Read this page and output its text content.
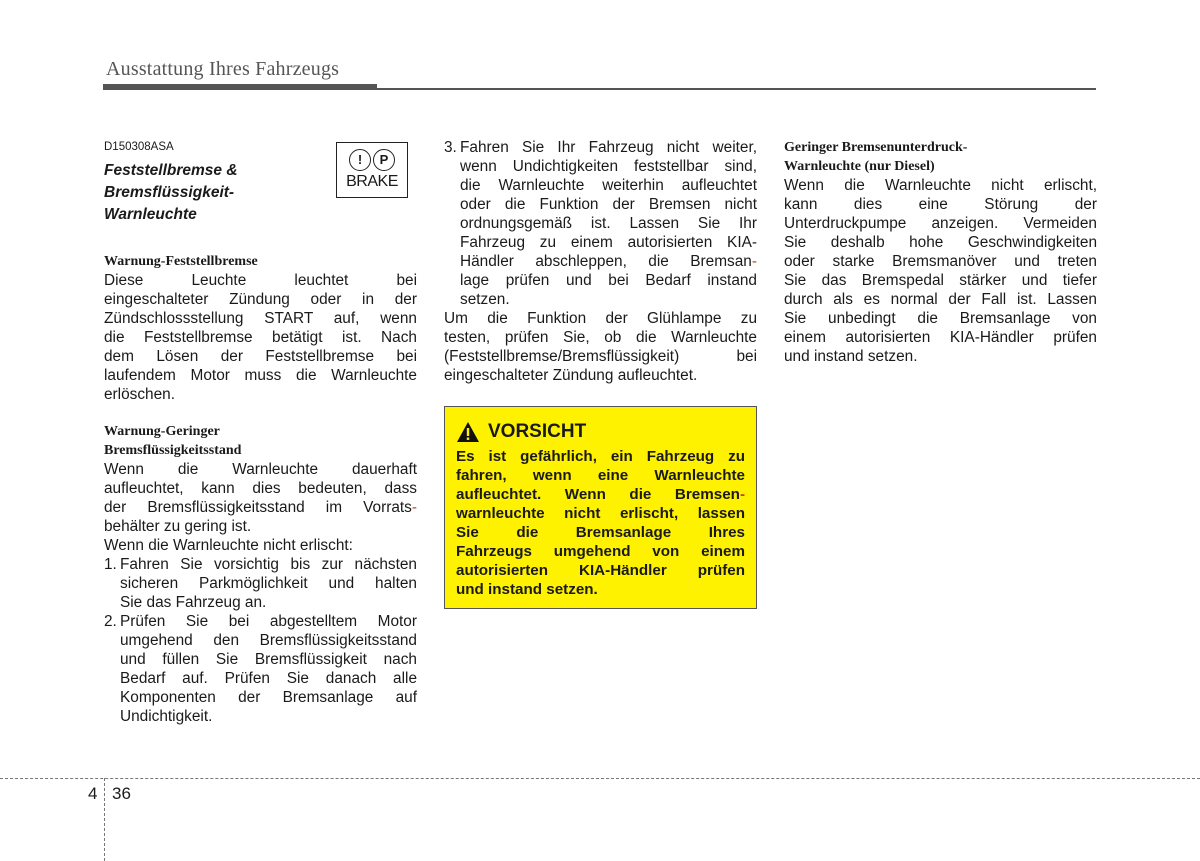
Ausstattung Ihres Fahrzeugs
D150308ASA
Feststellbremse &
Bremsflüssigkeit-
Warnleuchte
!	P
BRAKE
Warnung-Feststellbremse
Diese Leuchte leuchtet bei
eingeschalteter Zündung oder in der
Zündschlossstellung START auf, wenn
die Feststellbremse betätigt ist. Nach
dem Lösen der Feststellbremse bei
laufendem Motor muss die Warnleuchte
erlöschen.
Warnung-Geringer
Bremsflüssigkeitsstand
Wenn die Warnleuchte dauerhaft
aufleuchtet, kann dies bedeuten, dass
der Bremsflüssigkeitsstand im Vorrats-
behälter zu gering ist.
Wenn die Warnleuchte nicht erlischt:
1. Fahren Sie vorsichtig bis zur nächsten
sicheren Parkmöglichkeit und halten
Sie das Fahrzeug an.
2. Prüfen Sie bei abgestelltem Motor
umgehend den Bremsflüssigkeitsstand
und füllen Sie Bremsflüssigkeit nach
Bedarf auf. Prüfen Sie danach alle
Komponenten der Bremsanlage auf
Undichtigkeit.
3. Fahren Sie Ihr Fahrzeug nicht weiter,
wenn Undichtigkeiten feststellbar sind,
die Warnleuchte weiterhin aufleuchtet
oder die Funktion der Bremsen nicht
ordnungsgemäß ist. Lassen Sie Ihr
Fahrzeug zu einem autorisierten KIA-
Händler abschleppen, die Bremsan-
lage prüfen und bei Bedarf instand
setzen.
Um die Funktion der Glühlampe zu
testen, prüfen Sie, ob die Warnleuchte
(Feststellbremse/Bremsflüssigkeit) bei
eingeschalteter Zündung aufleuchtet.
VORSICHT
Es ist gefährlich, ein Fahrzeug zu
fahren, wenn eine Warnleuchte
aufleuchtet. Wenn die Bremsen-
warnleuchte nicht erlischt, lassen
Sie die Bremsanlage Ihres
Fahrzeugs umgehend von einem
autorisierten KIA-Händler prüfen
und instand setzen.
Geringer Bremsenunterdruck-
Warnleuchte (nur Diesel)
Wenn die Warnleuchte nicht erlischt,
kann dies eine Störung der
Unterdruckpumpe anzeigen. Vermeiden
Sie deshalb hohe Geschwindigkeiten
oder starke Bremsmanöver und treten
Sie das Bremspedal stärker und tiefer
durch als es normal der Fall ist. Lassen
Sie unbedingt die Bremsanlage von
einem autorisierten KIA-Händler prüfen
und instand setzen.
4 36
